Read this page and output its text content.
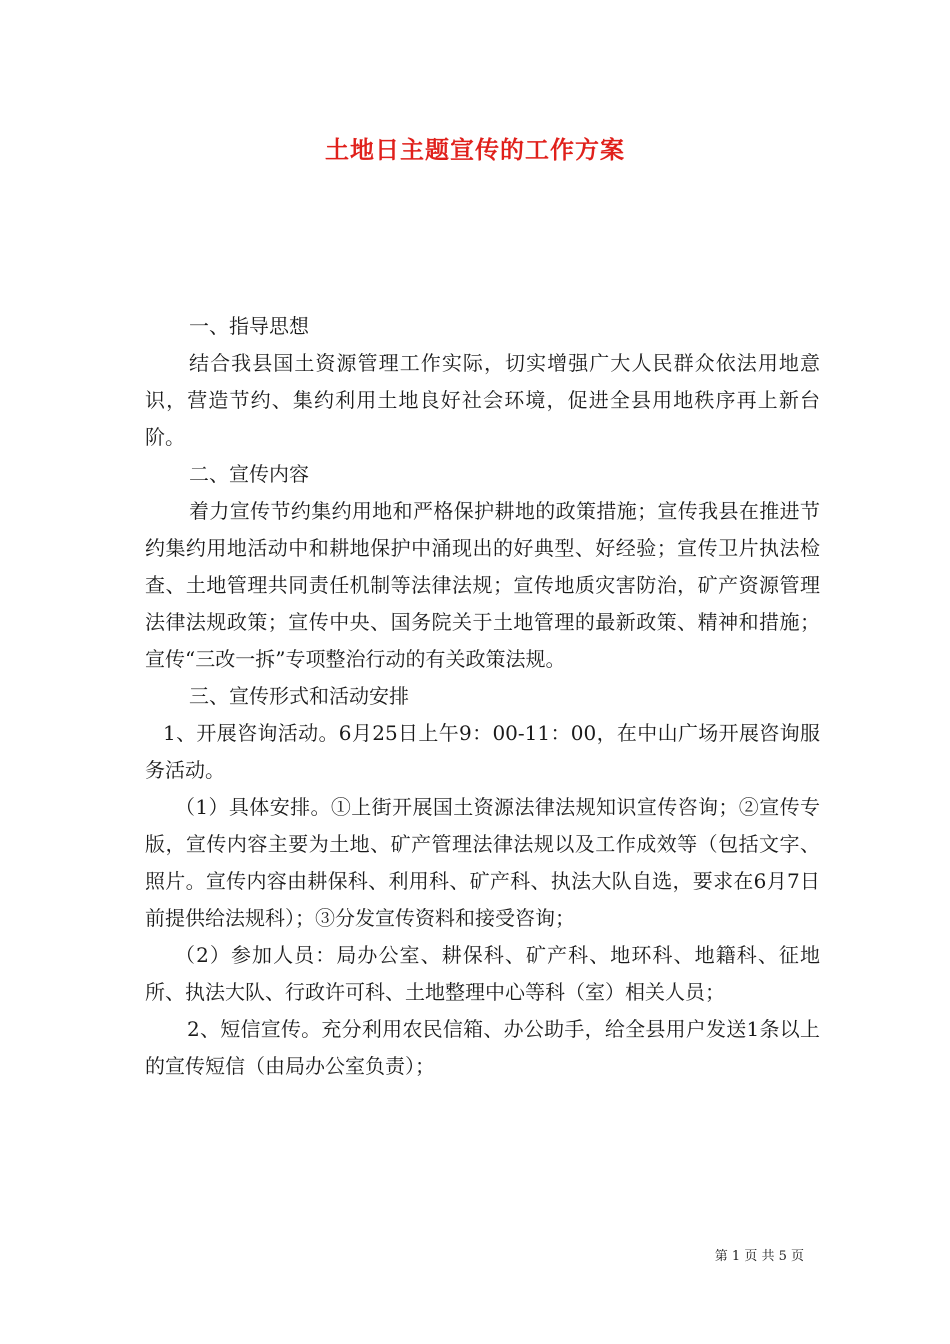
土地日主题宣传的工作方案

一、指导思想

结合我县国土资源管理工作实际，切实增强广大人民群众依法用地意识，营造节约、集约利用土地良好社会环境，促进全县用地秩序再上新台阶。

二、宣传内容

着力宣传节约集约用地和严格保护耕地的政策措施；宣传我县在推进节约集约用地活动中和耕地保护中涌现出的好典型、好经验；宣传卫片执法检查、土地管理共同责任机制等法律法规；宣传地质灾害防治，矿产资源管理法律法规政策；宣传中央、国务院关于土地管理的最新政策、精神和措施；宣传“三改一拆”专项整治行动的有关政策法规。

三、宣传形式和活动安排

1、开展咨询活动。6月25日上午9：00-11：00，在中山广场开展咨询服务活动。

（1）具体安排。①上街开展国土资源法律法规知识宣传咨询；②宣传专版，宣传内容主要为土地、矿产管理法律法规以及工作成效等（包括文字、照片。宣传内容由耕保科、利用科、矿产科、执法大队自选，要求在6月7日前提供给法规科）；③分发宣传资料和接受咨询；

（2）参加人员：局办公室、耕保科、矿产科、地环科、地籍科、征地所、执法大队、行政许可科、土地整理中心等科（室）相关人员；

2、短信宣传。充分利用农民信箱、办公助手，给全县用户发送1条以上的宣传短信（由局办公室负责）；

第 1 页 共 5 页
